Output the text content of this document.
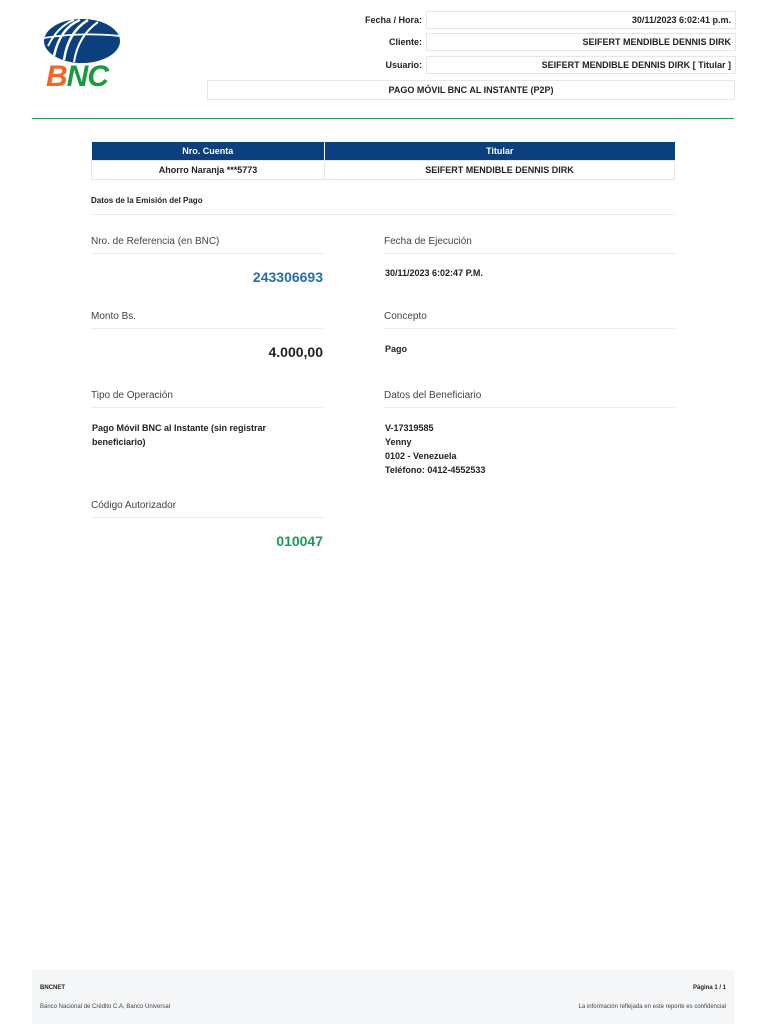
BNC
Fecha / Hora:	30/11/2023 6:02:41 p.m.
Cliente:	SEIFERT MENDIBLE DENNIS DIRK
Usuario:	SEIFERT MENDIBLE DENNIS DIRK [ Titular ]
PAGO MÓVIL BNC AL INSTANTE (P2P)
Nro. Cuenta	Titular
Ahorro Naranja ***5773	SEIFERT MENDIBLE DENNIS DIRK
Datos de la Emisión del Pago
Nro. de Referencia (en BNC)
243306693
Fecha de Ejecución
30/11/2023 6:02:47 P.M.
Monto Bs.
4.000,00
Concepto
Pago
Tipo de Operación
Pago Móvil BNC al Instante (sin registrar
beneficiario)
Datos del Beneficiario
V-17319585
Yenny
0102 - Venezuela
Teléfono: 0412-4552533
Código Autorizador
010047
BNCNET
Banco Nacional de Crédito C.A, Banco Universal
Página 1 / 1
La información reflejada en este reporte es confidencial
